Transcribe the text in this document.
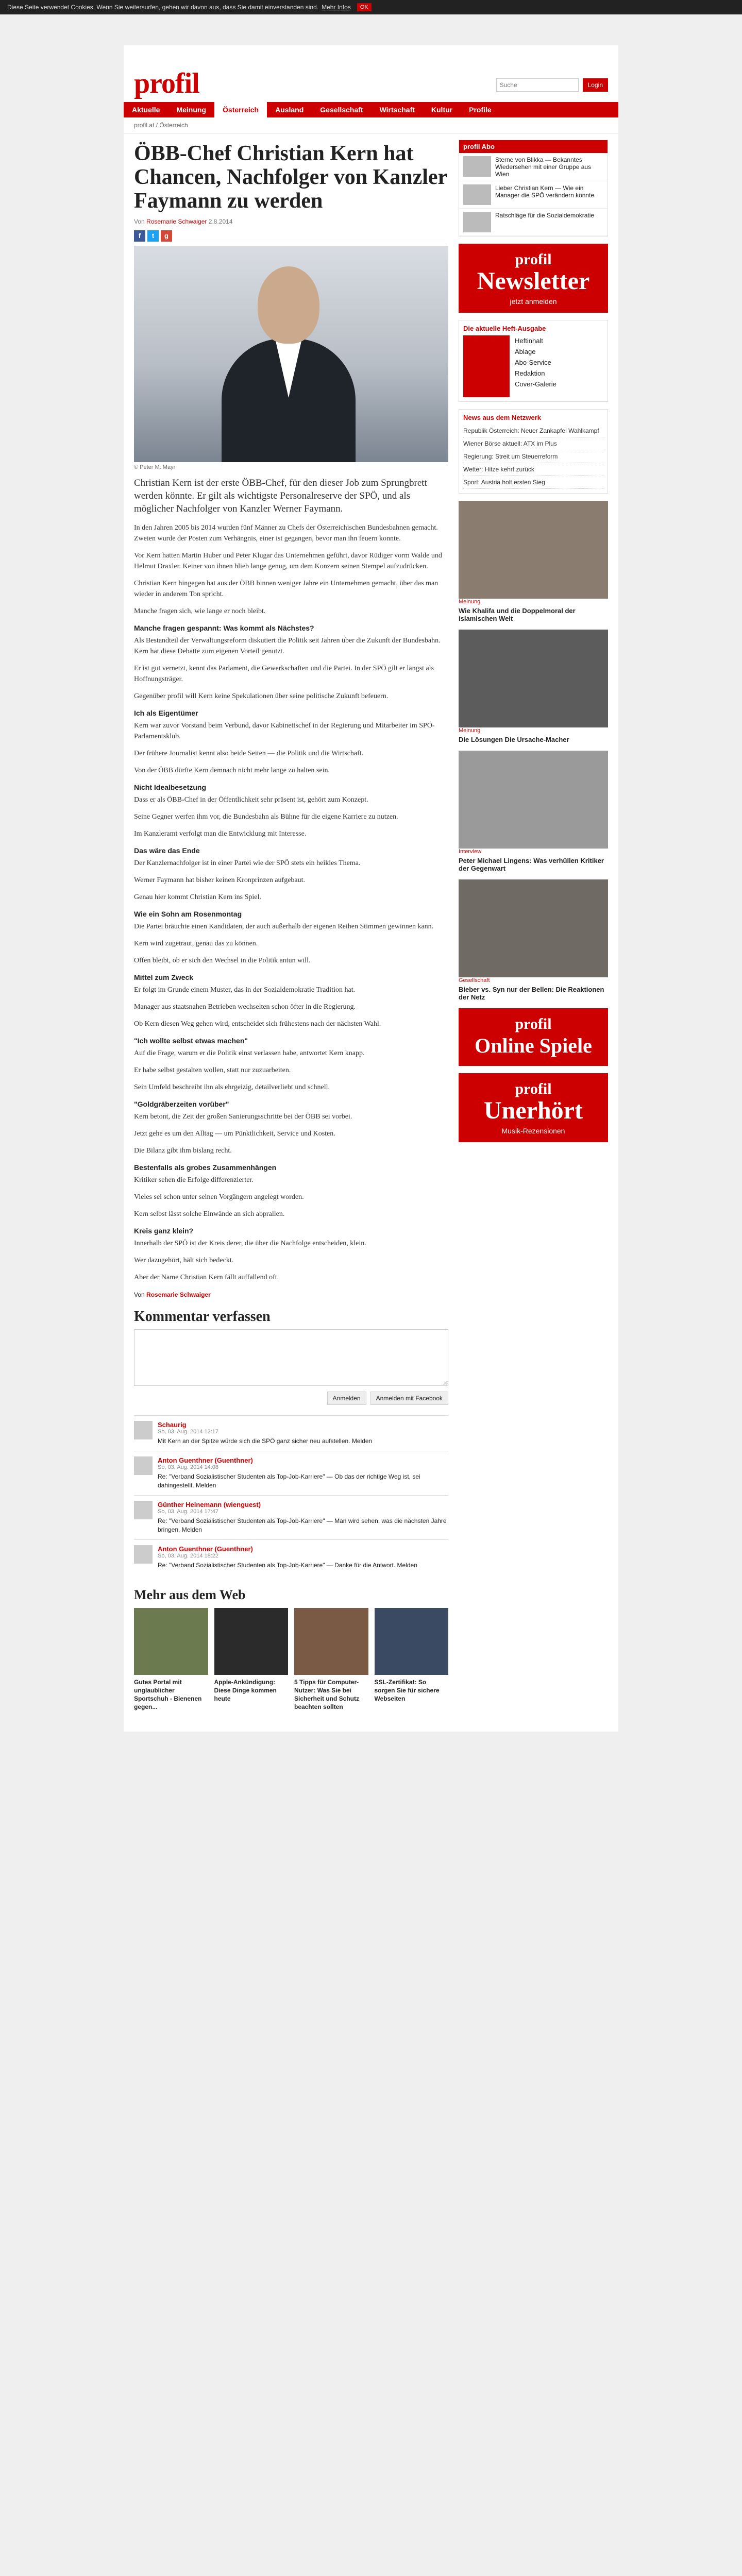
Diese Seite verwendet Cookies. Wenn Sie weitersurfen, gehen wir davon aus, dass Sie damit einverstanden sind. Mehr Infos	OK
profil
Suche	Login
Aktuelle	Meinung	Österreich	Ausland	Gesellschaft	Wirtschaft	Kultur	Profile
profil.at / Österreich
ÖBB-Chef Christian Kern hat Chancen, Nachfolger von Kanzler Faymann zu werden
Von Rosemarie Schwaiger 2.8.2014
f	t	g
© Peter M. Mayr
Christian Kern ist der erste ÖBB-Chef, für den dieser Job zum Sprungbrett werden könnte. Er gilt als wichtigste Personalreserve der SPÖ, und als möglicher Nachfolger von Kanzler Werner Faymann.

In den Jahren 2005 bis 2014 wurden fünf Männer zu Chefs der Österreichischen Bundesbahnen gemacht. Zweien wurde der Posten zum Verhängnis, einer ist gegangen, bevor man ihn feuern konnte.

Vor Kern hatten Martin Huber und Peter Klugar das Unternehmen geführt, davor Rüdiger vorm Walde und Helmut Draxler. Keiner von ihnen blieb lange genug, um dem Konzern seinen Stempel aufzudrücken.

Christian Kern hingegen hat aus der ÖBB binnen weniger Jahre ein Unternehmen gemacht, über das man wieder in anderem Ton spricht.

Manche fragen sich, wie lange er noch bleibt.

Manche fragen gespannt: Was kommt als Nächstes?

Als Bestandteil der Verwaltungsreform diskutiert die Politik seit Jahren über die Zukunft der Bundesbahn. Kern hat diese Debatte zum eigenen Vorteil genutzt.

Er ist gut vernetzt, kennt das Parlament, die Gewerkschaften und die Partei. In der SPÖ gilt er längst als Hoffnungsträger.

Gegenüber profil will Kern keine Spekulationen über seine politische Zukunft befeuern.

Ich als Eigentümer

Kern war zuvor Vorstand beim Verbund, davor Kabinettschef in der Regierung und Mitarbeiter im SPÖ-Parlamentsklub.

Der frühere Journalist kennt also beide Seiten — die Politik und die Wirtschaft.

Von der ÖBB dürfte Kern demnach nicht mehr lange zu halten sein.

Nicht Idealbesetzung

Dass er als ÖBB-Chef in der Öffentlichkeit sehr präsent ist, gehört zum Konzept.

Seine Gegner werfen ihm vor, die Bundesbahn als Bühne für die eigene Karriere zu nutzen.

Im Kanzleramt verfolgt man die Entwicklung mit Interesse.

Das wäre das Ende

Der Kanzlernachfolger ist in einer Partei wie der SPÖ stets ein heikles Thema.

Werner Faymann hat bisher keinen Kronprinzen aufgebaut.

Genau hier kommt Christian Kern ins Spiel.

Wie ein Sohn am Rosenmontag

Die Partei bräuchte einen Kandidaten, der auch außerhalb der eigenen Reihen Stimmen gewinnen kann.

Kern wird zugetraut, genau das zu können.

Offen bleibt, ob er sich den Wechsel in die Politik antun will.

Mittel zum Zweck

Er folgt im Grunde einem Muster, das in der Sozialdemokratie Tradition hat.

Manager aus staatsnahen Betrieben wechselten schon öfter in die Regierung.

Ob Kern diesen Weg gehen wird, entscheidet sich frühestens nach der nächsten Wahl.

"Ich wollte selbst etwas machen"

Auf die Frage, warum er die Politik einst verlassen habe, antwortet Kern knapp.

Er habe selbst gestalten wollen, statt nur zuzuarbeiten.

Sein Umfeld beschreibt ihn als ehrgeizig, detailverliebt und schnell.

"Goldgräberzeiten vorüber"

Kern betont, die Zeit der großen Sanierungsschritte bei der ÖBB sei vorbei.

Jetzt gehe es um den Alltag — um Pünktlichkeit, Service und Kosten.

Die Bilanz gibt ihm bislang recht.

Bestenfalls als grobes Zusammenhängen

Kritiker sehen die Erfolge differenzierter.

Vieles sei schon unter seinen Vorgängern angelegt worden.

Kern selbst lässt solche Einwände an sich abprallen.

Kreis ganz klein?

Innerhalb der SPÖ ist der Kreis derer, die über die Nachfolge entscheiden, klein.

Wer dazugehört, hält sich bedeckt.

Aber der Name Christian Kern fällt auffallend oft.

Von Rosemarie Schwaiger
Kommentar verfassen
Anmelden	Anmelden mit Facebook
Schaurig
So, 03. Aug. 2014 13:17
Mit Kern an der Spitze würde sich die SPÖ ganz sicher neu aufstellen. Melden
Anton Guenthner (Guenthner)
So, 03. Aug. 2014 14:08
Re: "Verband Sozialistischer Studenten als Top-Job-Karriere" — Ob das der richtige Weg ist, sei dahingestellt. Melden
Günther Heinemann (wienguest)
So, 03. Aug. 2014 17:47
Re: "Verband Sozialistischer Studenten als Top-Job-Karriere" — Man wird sehen, was die nächsten Jahre bringen. Melden
Anton Guenthner (Guenthner)
So, 03. Aug. 2014 18:22
Re: "Verband Sozialistischer Studenten als Top-Job-Karriere" — Danke für die Antwort. Melden
Mehr aus dem Web
Gutes Portal mit unglaublicher Sportschuh - Bienenen gegen...
Apple-Ankündigung: Diese Dinge kommen heute
5 Tipps für Computer-Nutzer: Was Sie bei Sicherheit und Schutz beachten sollten
SSL-Zertifikat: So sorgen Sie für sichere Webseiten
profil Abo
Sterne von Blikka — Bekanntes Wiedersehen mit einer Gruppe aus Wien
Lieber Christian Kern — Wie ein Manager die SPÖ verändern könnte
Ratschläge für die Sozialdemokratie
profil
Newsletter
jetzt anmelden
Die aktuelle Heft-Ausgabe
Heftinhalt
Ablage
Abo-Service
Redaktion
Cover-Galerie
News aus dem Netzwerk
Republik Österreich: Neuer Zankapfel Wahlkampf
Wiener Börse aktuell: ATX im Plus
Regierung: Streit um Steuerreform
Wetter: Hitze kehrt zurück
Sport: Austria holt ersten Sieg
Meinung
Wie Khalifa und die Doppelmoral der islamischen Welt
Meinung
Die Lösungen Die Ursache-Macher
Interview
Peter Michael Lingens: Was verhüllen Kritiker der Gegenwart
Gesellschaft
Bieber vs. Syn nur der Bellen: Die Reaktionen der Netz
profil
Online Spiele
profil
Unerhört
Musik-Rezensionen
